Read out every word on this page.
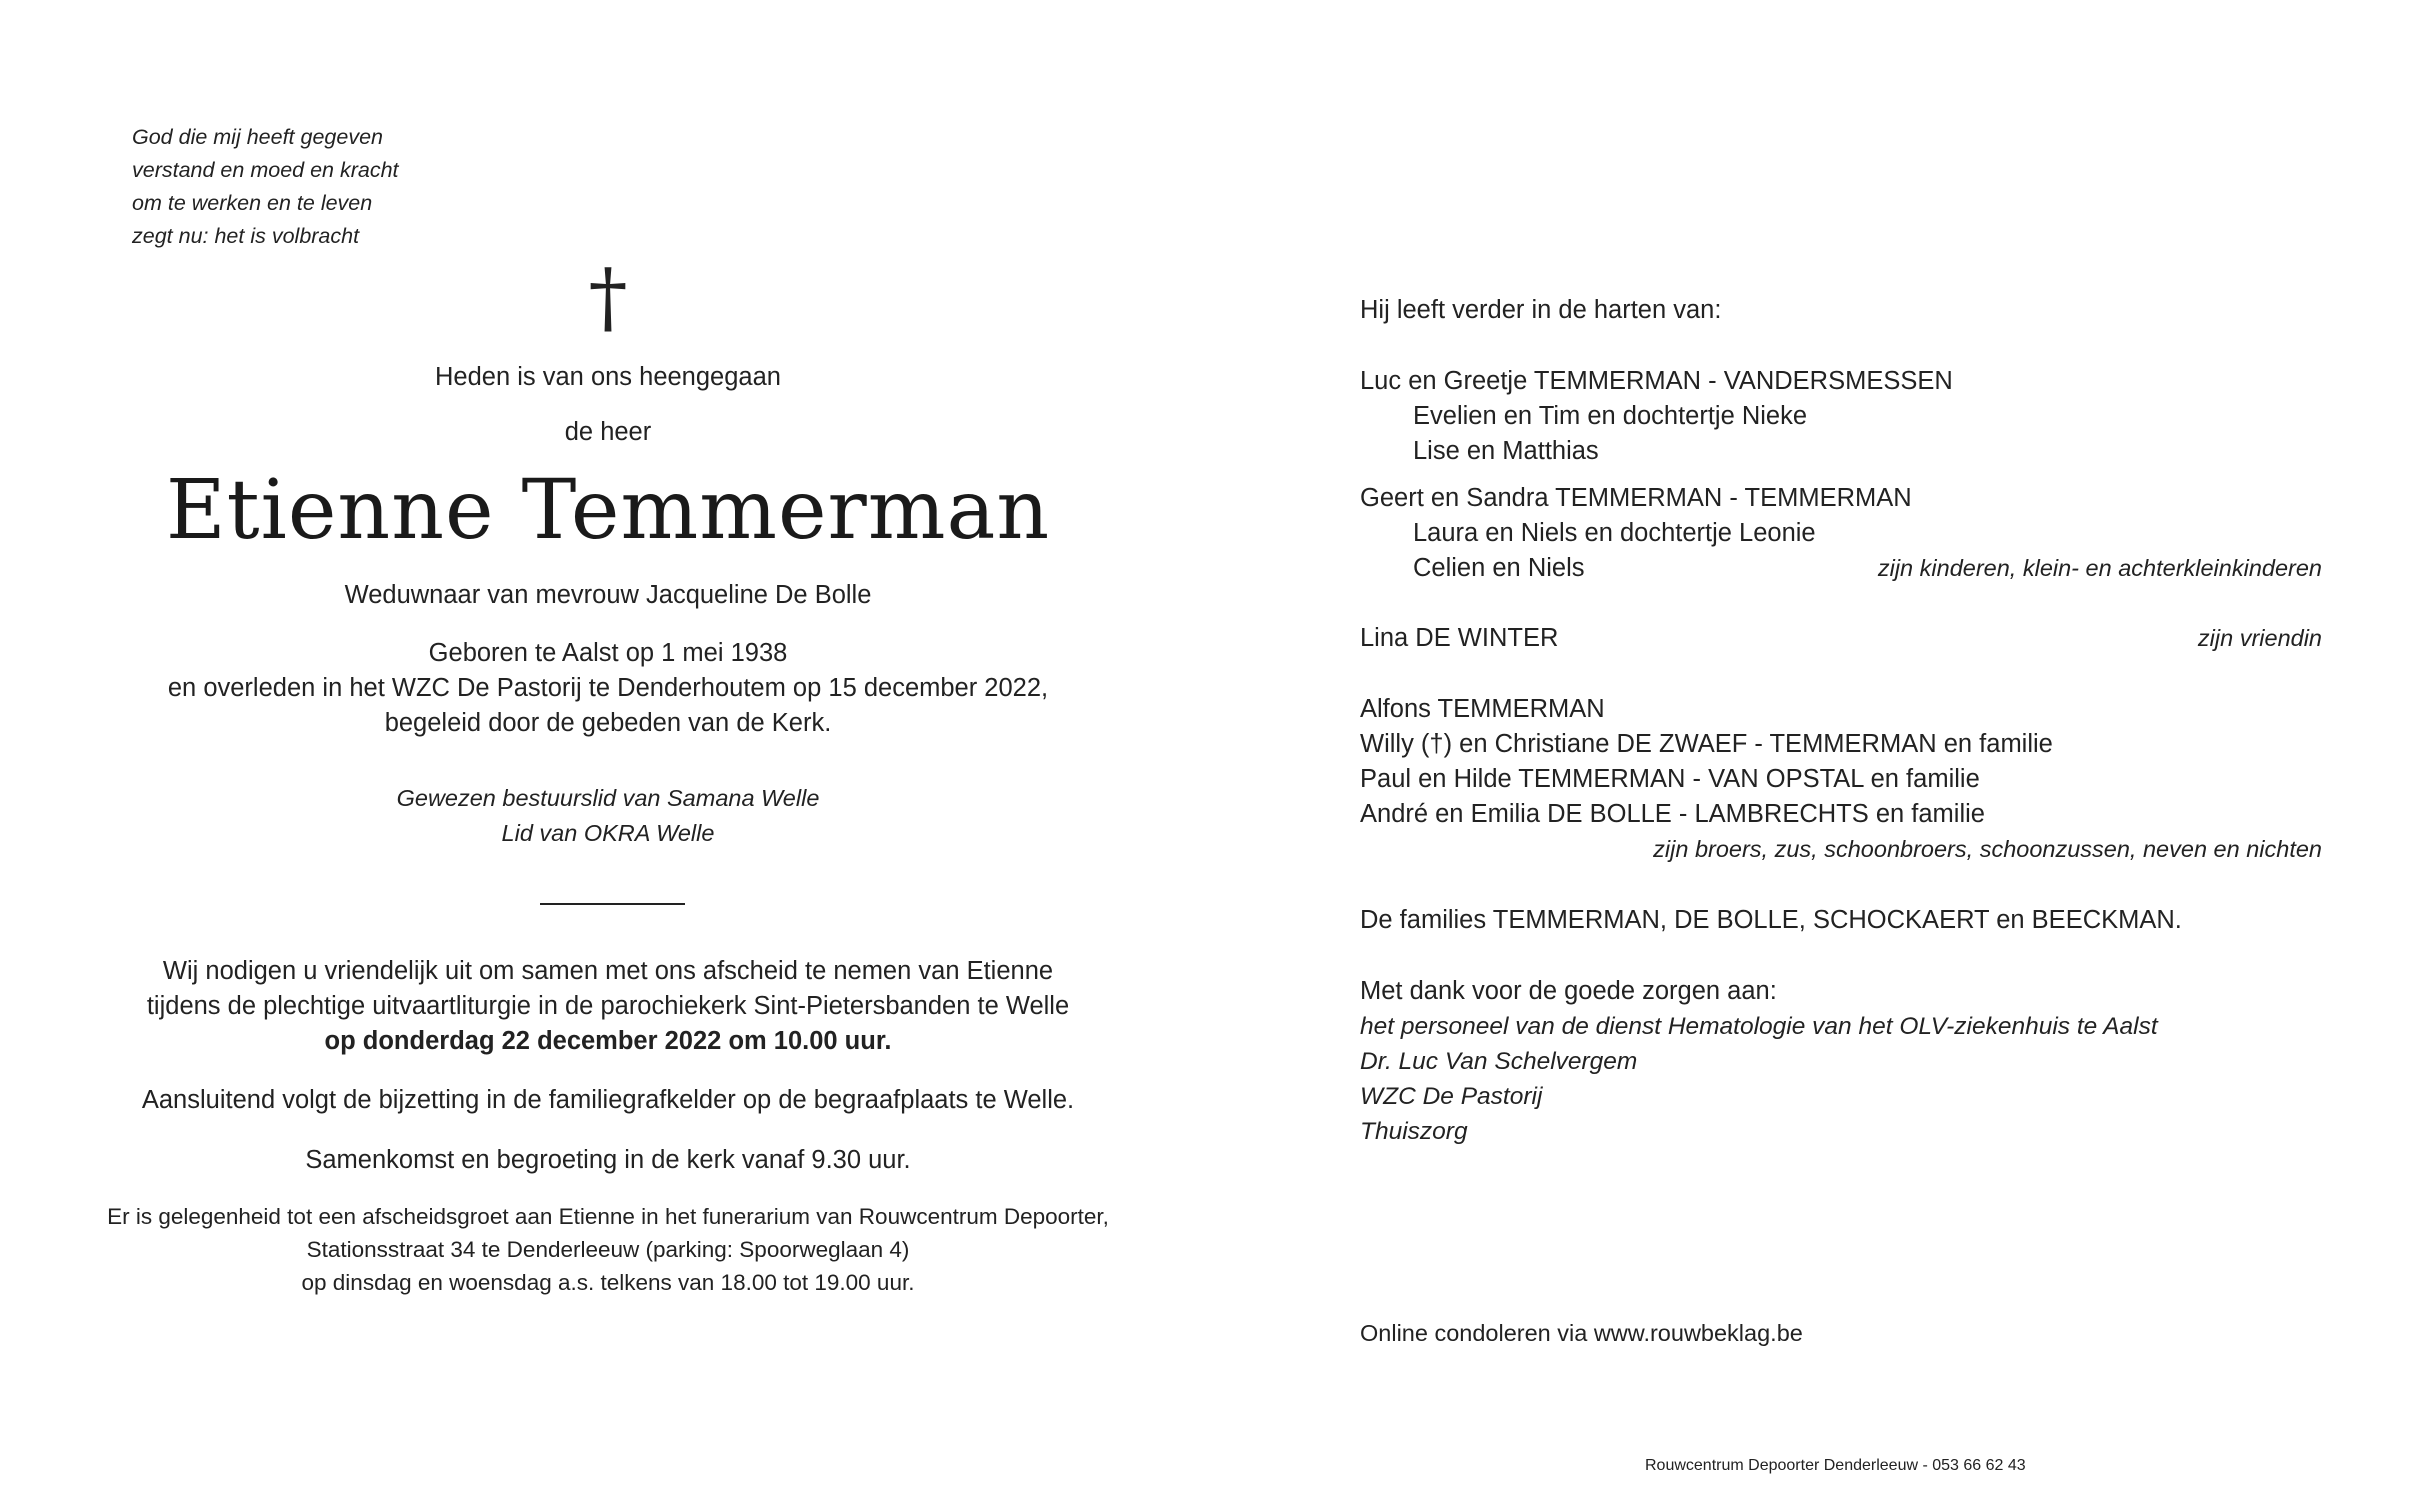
God die mij heeft gegeven
verstand en moed en kracht
om te werken en te leven
zegt nu: het is volbracht
†
Heden is van ons heengegaan
de heer
Etienne Temmerman
Weduwnaar van mevrouw Jacqueline De Bolle
Geboren te Aalst op 1 mei 1938
en overleden in het WZC De Pastorij te Denderhoutem op 15 december 2022,
begeleid door de gebeden van de Kerk.
Gewezen bestuurslid van Samana Welle
Lid van OKRA Welle
Wij nodigen u vriendelijk uit om samen met ons afscheid te nemen van Etienne
tijdens de plechtige uitvaartliturgie in de parochiekerk Sint-Pietersbanden te Welle
op donderdag 22 december 2022 om 10.00 uur.
Aansluitend volgt de bijzetting in de familiegrafkelder op de begraafplaats te Welle.
Samenkomst en begroeting in de kerk vanaf 9.30 uur.
Er is gelegenheid tot een afscheidsgroet aan Etienne in het funerarium van Rouwcentrum Depoorter,
Stationsstraat 34 te Denderleeuw (parking: Spoorweglaan 4)
op dinsdag en woensdag a.s. telkens van 18.00 tot 19.00 uur.
Hij leeft verder in de harten van:
Luc en Greetje TEMMERMAN - VANDERSMESSEN
Evelien en Tim en dochtertje Nieke
Lise en Matthias
Geert en Sandra TEMMERMAN - TEMMERMAN
Laura en Niels en dochtertje Leonie
Celien en Niels	zijn kinderen, klein- en achterkleinkinderen
Lina DE WINTER	zijn vriendin
Alfons TEMMERMAN
Willy (†) en Christiane DE ZWAEF - TEMMERMAN en familie
Paul en Hilde TEMMERMAN - VAN OPSTAL en familie
André en Emilia DE BOLLE - LAMBRECHTS en familie
zijn broers, zus, schoonbroers, schoonzussen, neven en nichten
De families TEMMERMAN, DE BOLLE, SCHOCKAERT en BEECKMAN.
Met dank voor de goede zorgen aan:
het personeel van de dienst Hematologie van het OLV-ziekenhuis te Aalst
Dr. Luc Van Schelvergem
WZC De Pastorij
Thuiszorg
Online condoleren via www.rouwbeklag.be
Rouwcentrum Depoorter Denderleeuw - 053 66 62 43
